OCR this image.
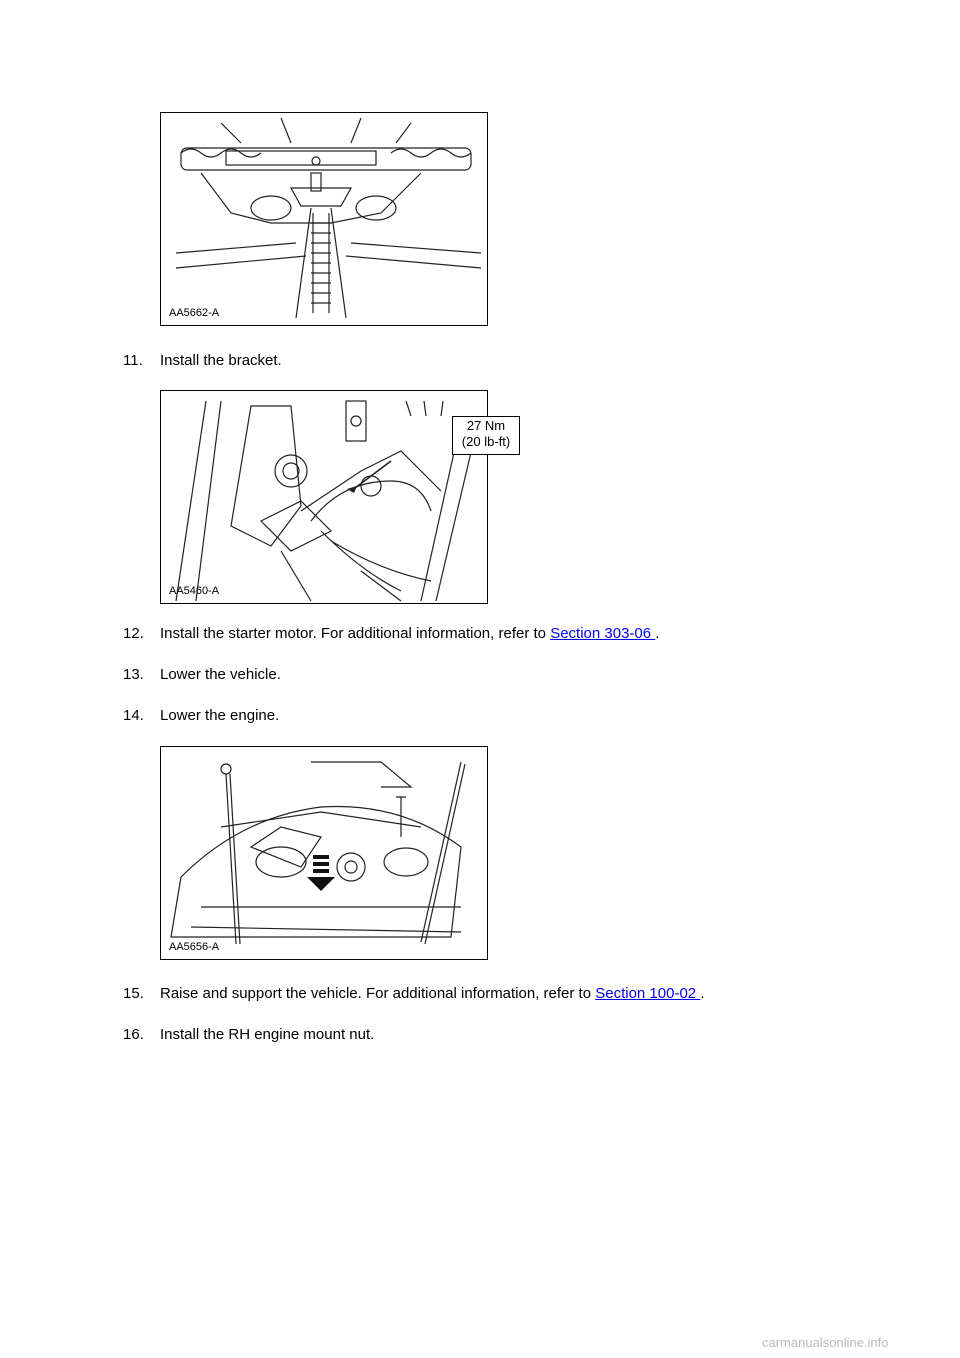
AA5662-A
11. Install the bracket.
27 Nm
(20 lb-ft)
AA5460-A
12. Install the starter motor. For additional information, refer to Section 303-06 .
13. Lower the vehicle.
14. Lower the engine.
AA5656-A
15. Raise and support the vehicle. For additional information, refer to Section 100-02 .
16. Install the RH engine mount nut.
carmanualsonline.info
